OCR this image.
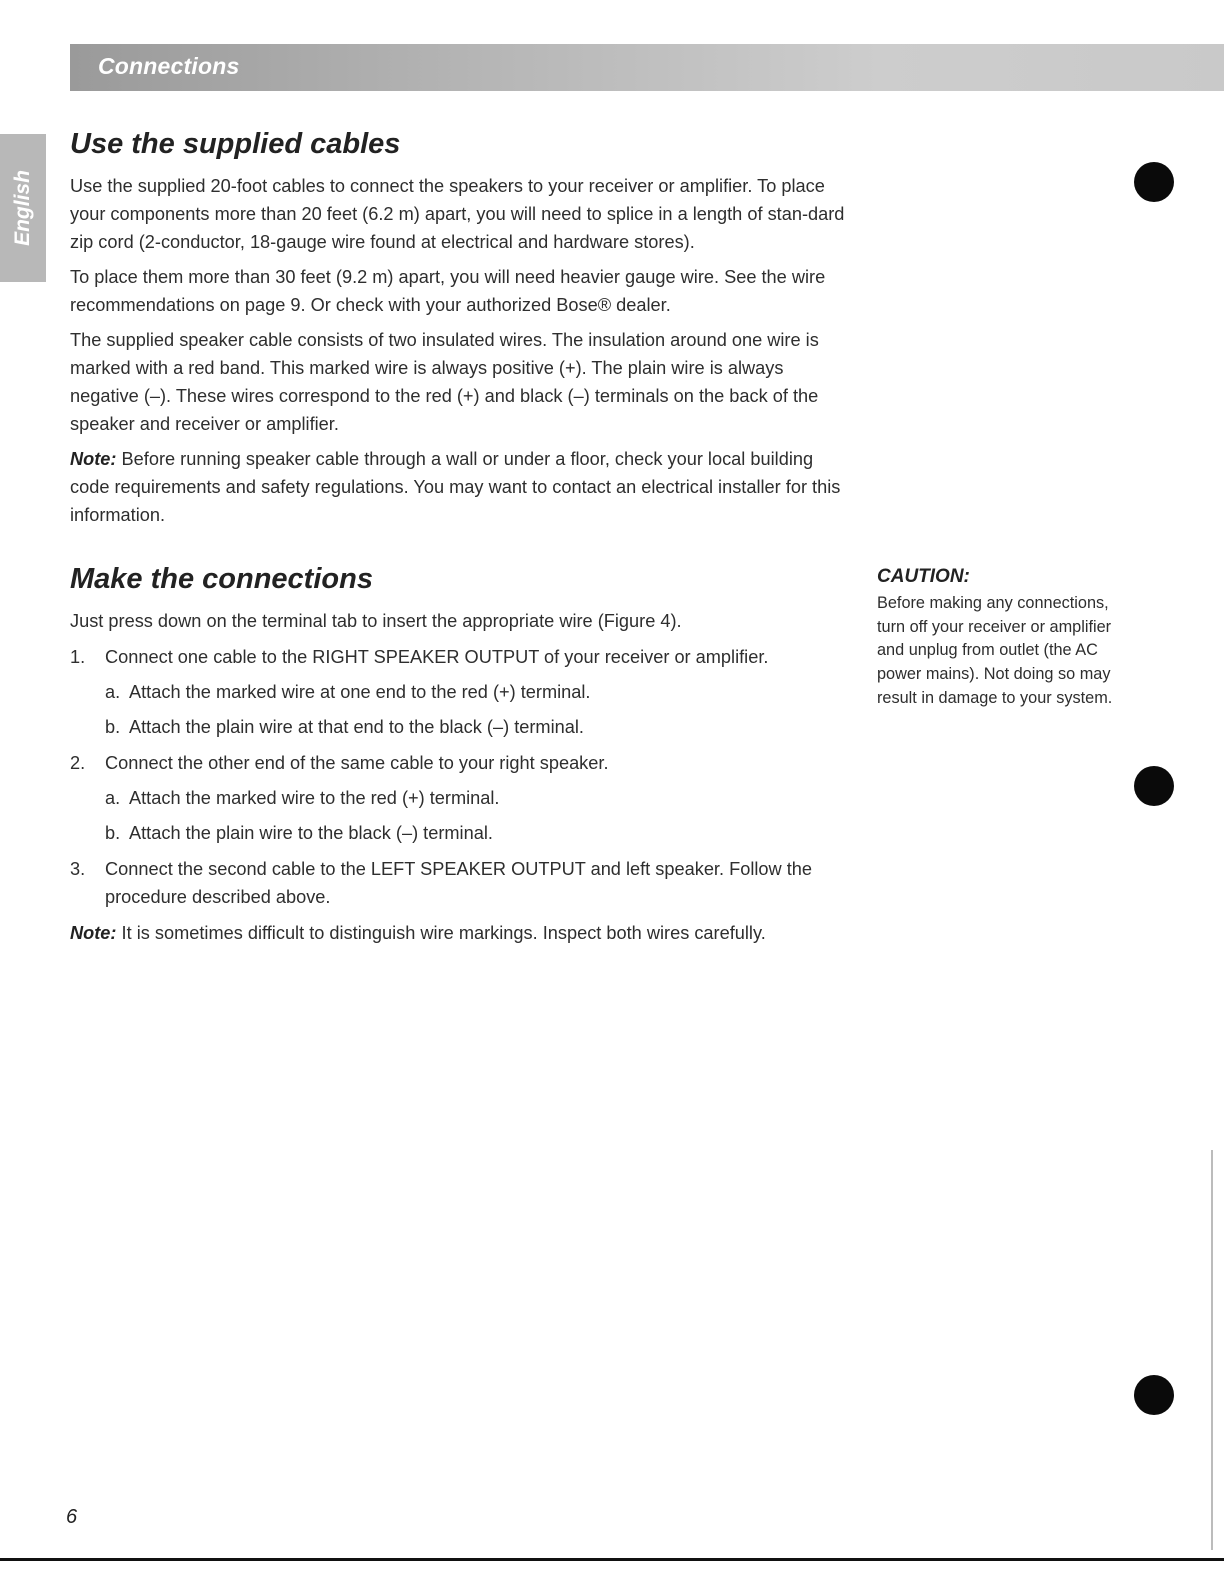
Connections
English
Use the supplied cables

Use the supplied 20-foot cables to connect the speakers to your receiver or amplifier. To place your components more than 20 feet (6.2 m) apart, you will need to splice in a length of stan-dard zip cord (2-conductor, 18-gauge wire found at electrical and hardware stores).

To place them more than 30 feet (9.2 m) apart, you will need heavier gauge wire. See the wire recommendations on page 9. Or check with your authorized Bose® dealer.

The supplied speaker cable consists of two insulated wires. The insulation around one wire is marked with a red band. This marked wire is always positive (+). The plain wire is always negative (–). These wires correspond to the red (+) and black (–) terminals on the back of the speaker and receiver or amplifier.

Note: Before running speaker cable through a wall or under a floor, check your local building code requirements and safety regulations. You may want to contact an electrical installer for this information.

Make the connections

Just press down on the terminal tab to insert the appropriate wire (Figure 4).

1. Connect one cable to the RIGHT SPEAKER OUTPUT of your receiver or amplifier.
a. Attach the marked wire at one end to the red (+) terminal.
b. Attach the plain wire at that end to the black (–) terminal.
2. Connect the other end of the same cable to your right speaker.
a. Attach the marked wire to the red (+) terminal.
b. Attach the plain wire to the black (–) terminal.
3. Connect the second cable to the LEFT SPEAKER OUTPUT and left speaker. Follow the procedure described above.

Note: It is sometimes difficult to distinguish wire markings. Inspect both wires carefully.

CAUTION:
Before making any connections, turn off your receiver or amplifier and unplug from outlet (the AC power mains). Not doing so may result in damage to your system.
6
